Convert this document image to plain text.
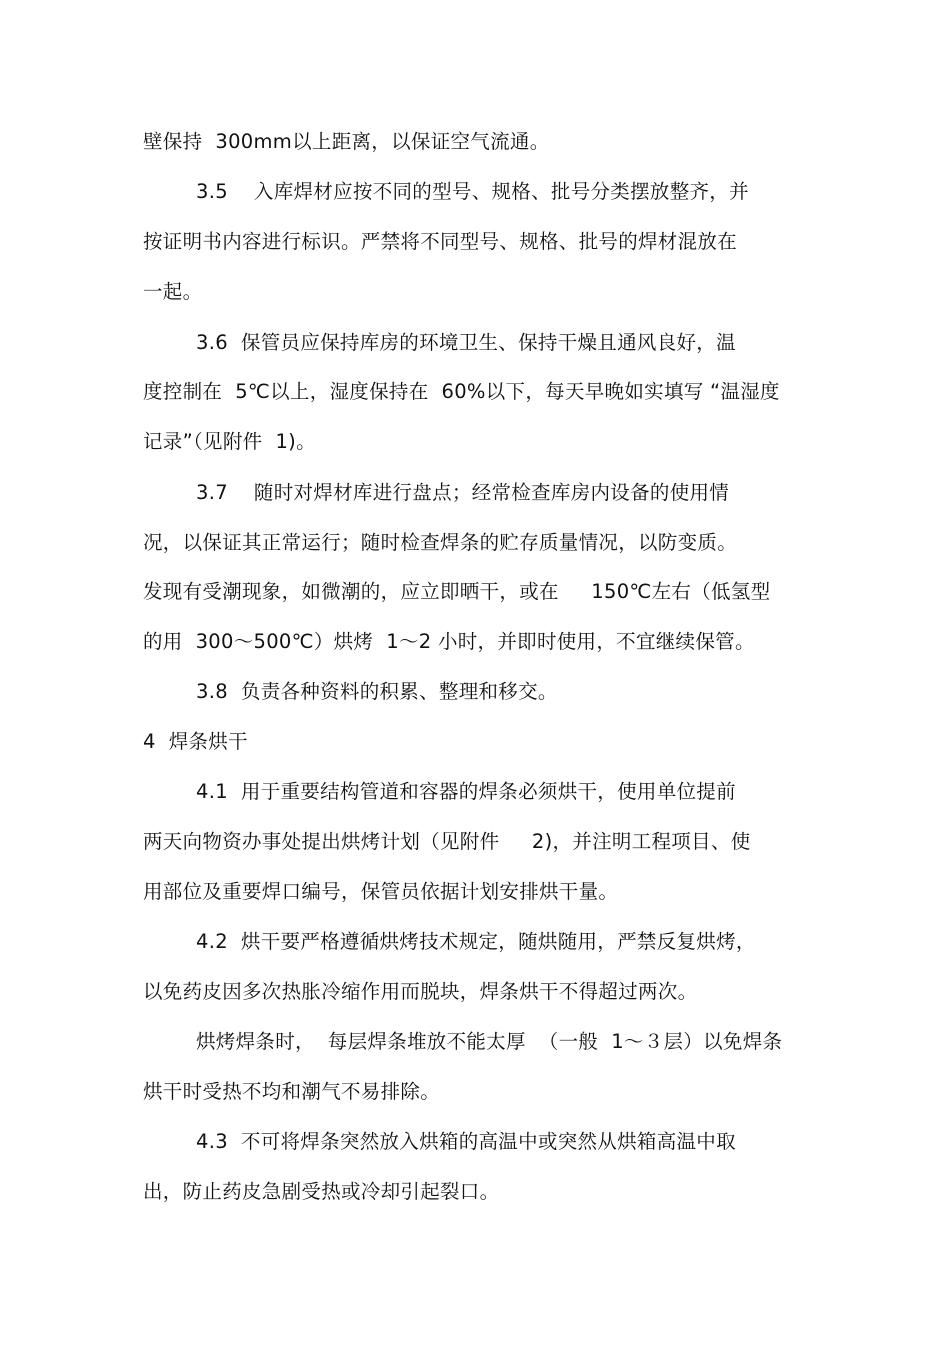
壁保持  300mm以上距离，以保证空气流通。
3.5    入库焊材应按不同的型号、规格、批号分类摆放整齐，并
按证明书内容进行标识。严禁将不同型号、规格、批号的焊材混放在
一起。
3.6  保管员应保持库房的环境卫生、保持干燥且通风良好，温
度控制在  5℃以上，湿度保持在  60%以下，每天早晚如实填写 “温湿度
记录”（见附件  1)。
3.7    随时对焊材库进行盘点；经常检查库房内设备的使用情
况，以保证其正常运行；随时检查焊条的贮存质量情况，以防变质。
发现有受潮现象，如微潮的，应立即晒干，或在     150℃左右（低氢型
的用  300～500℃）烘烤  1～2 小时，并即时使用，不宜继续保管。
3.8  负责各种资料的积累、整理和移交。
4  焊条烘干
4.1  用于重要结构管道和容器的焊条必须烘干，使用单位提前
两天向物资办事处提出烘烤计划（见附件     2)，并注明工程项目、使
用部位及重要焊口编号，保管员依据计划安排烘干量。
4.2  烘干要严格遵循烘烤技术规定，随烘随用，严禁反复烘烤，
以免药皮因多次热胀冷缩作用而脱块，焊条烘干不得超过两次。
烘烤焊条时，  每层焊条堆放不能太厚  （一般  1～３层）以免焊条
烘干时受热不均和潮气不易排除。
4.3  不可将焊条突然放入烘箱的高温中或突然从烘箱高温中取
出，防止药皮急剧受热或冷却引起裂口。
